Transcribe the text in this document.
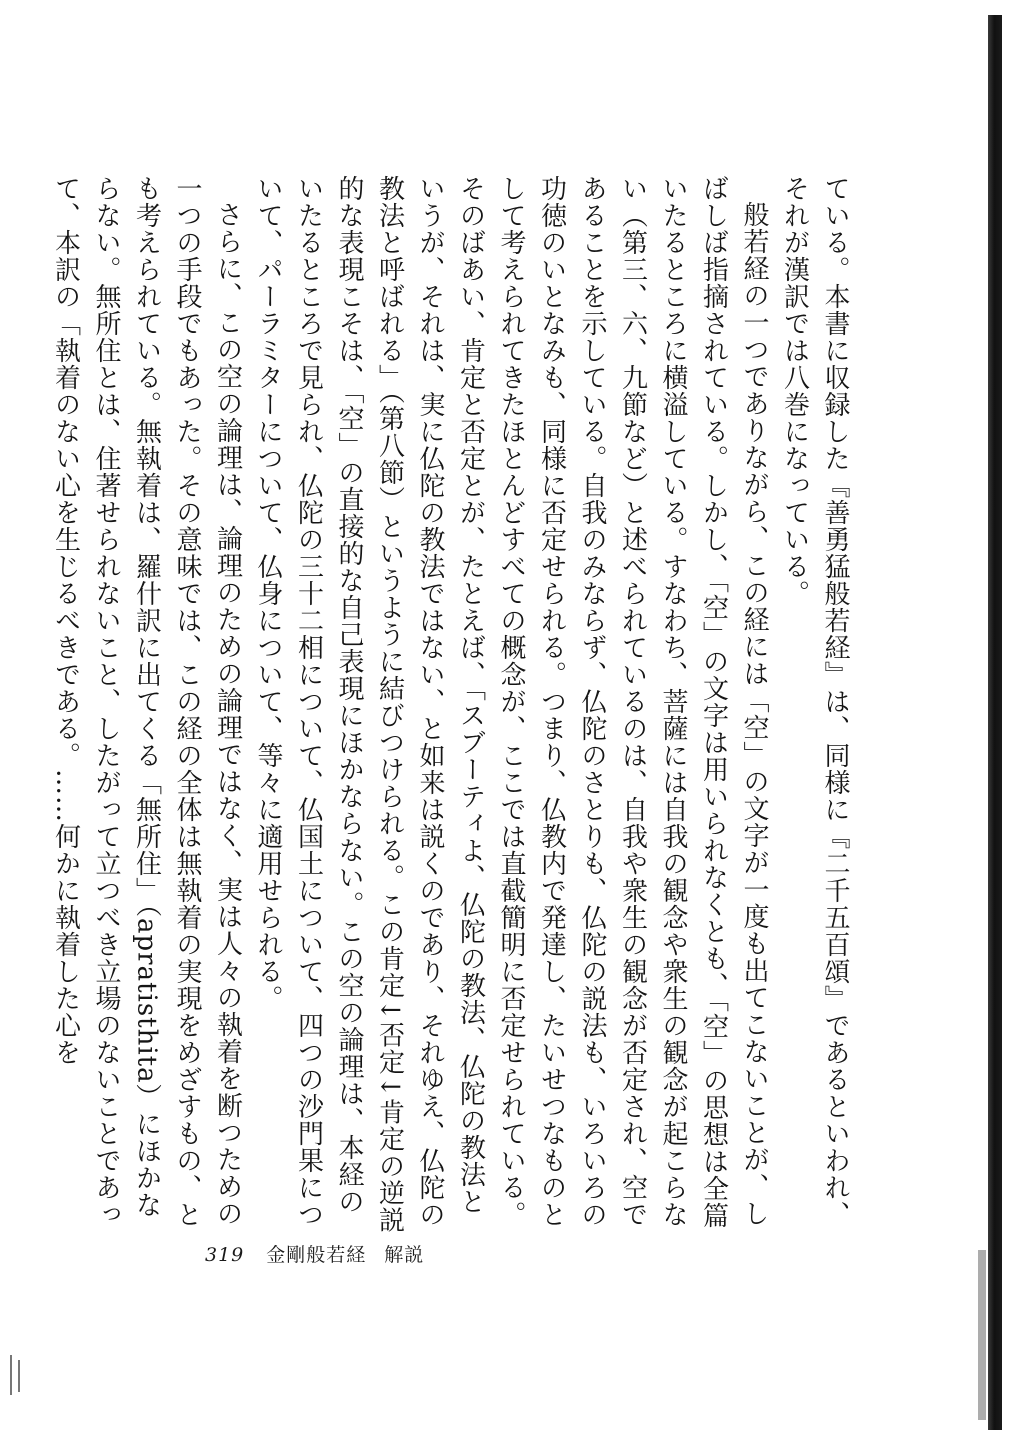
ている。本書に収録した『善勇猛般若経』は、同様に『二千五百頌』であるといわれ、それが漢訳では八巻になっている。

般若経の一つでありながら、この経には「空」の文字が一度も出てこないことが、しばしば指摘されている。しかし、「空」の文字は用いられなくとも、「空」の思想は全篇いたるところに横溢している。すなわち、菩薩には自我の観念や衆生の観念が起こらない（第三、六、九節など）と述べられているのは、自我や衆生の観念が否定され、空であることを示している。自我のみならず、仏陀のさとりも、仏陀の説法も、いろいろの功徳のいとなみも、同様に否定せられる。つまり、仏教内で発達し、たいせつなものとして考えられてきたほとんどすべての概念が、ここでは直截簡明に否定せられている。そのばあい、肯定と否定とが、たとえば、「スブーティよ、仏陀の教法、仏陀の教法というが、それは、実に仏陀の教法ではない、と如来は説くのであり、それゆえ、仏陀の教法と呼ばれる」（第八節）というように結びつけられる。この肯定↓否定↓肯定の逆説的な表現こそは、「空」の直接的な自己表現にほかならない。この空の論理は、本経のいたるところで見られ、仏陀の三十二相について、仏国土について、四つの沙門果について、パーラミターについて、仏身について、等々に適用せられる。

さらに、この空の論理は、論理のための論理ではなく、実は人々の執着を断つための一つの手段でもあった。その意味では、この経の全体は無執着の実現をめざすもの、とも考えられている。無執着は、羅什訳に出てくる「無所住」（apratisthita）にほかならない。無所住とは、住著せられないこと、したがって立つべき立場のないことであって、本訳の「執着のない心を生じるべきである。……何かに執着した心を

319 金剛般若経 解説
